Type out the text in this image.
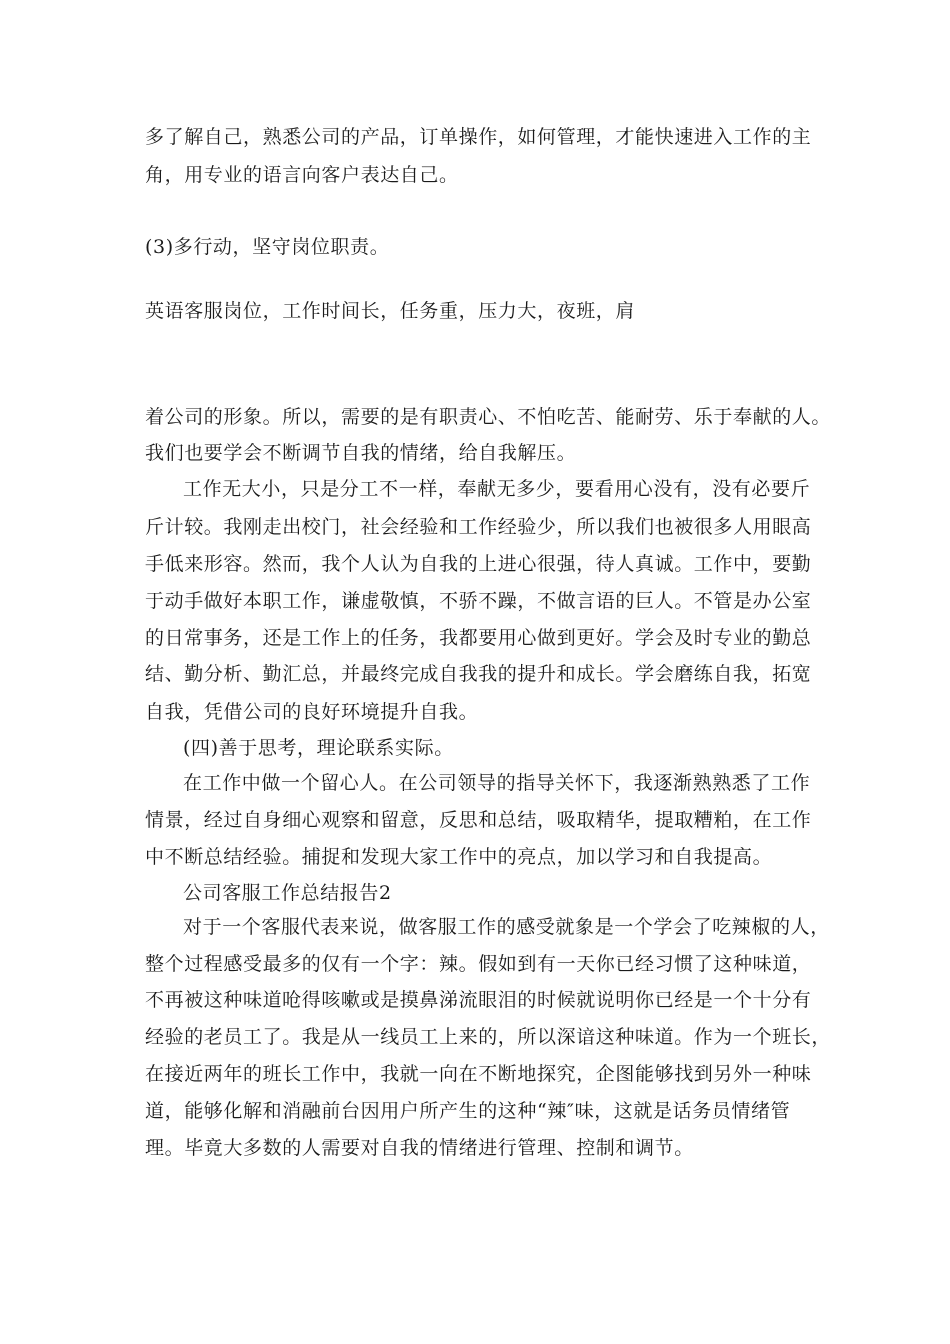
多了解自己，熟悉公司的产品，订单操作，如何管理，才能快速进入工作的主
角，用专业的语言向客户表达自己。
(3)多行动，坚守岗位职责。
英语客服岗位，工作时间长，任务重，压力大，夜班，肩
着公司的形象。所以，需要的是有职责心、不怕吃苦、能耐劳、乐于奉献的人。
我们也要学会不断调节自我的情绪，给自我解压。
工作无大小，只是分工不一样，奉献无多少，要看用心没有，没有必要斤
斤计较。我刚走出校门，社会经验和工作经验少，所以我们也被很多人用眼高
手低来形容。然而，我个人认为自我的上进心很强，待人真诚。工作中，要勤
于动手做好本职工作，谦虚敬慎，不骄不躁，不做言语的巨人。不管是办公室
的日常事务，还是工作上的任务，我都要用心做到更好。学会及时专业的勤总
结、勤分析、勤汇总，并最终完成自我我的提升和成长。学会磨练自我，拓宽
自我，凭借公司的良好环境提升自我。
(四)善于思考，理论联系实际。
在工作中做一个留心人。在公司领导的指导关怀下，我逐渐熟熟悉了工作
情景，经过自身细心观察和留意，反思和总结，吸取精华，提取糟粕，在工作
中不断总结经验。捕捉和发现大家工作中的亮点，加以学习和自我提高。
公司客服工作总结报告2
对于一个客服代表来说，做客服工作的感受就象是一个学会了吃辣椒的人，
整个过程感受最多的仅有一个字：辣。假如到有一天你已经习惯了这种味道，
不再被这种味道呛得咳嗽或是摸鼻涕流眼泪的时候就说明你已经是一个十分有
经验的老员工了。我是从一线员工上来的，所以深谙这种味道。作为一个班长，
在接近两年的班长工作中，我就一向在不断地探究，企图能够找到另外一种味
道，能够化解和消融前台因用户所产生的这种“辣″味，这就是话务员情绪管
理。毕竟大多数的人需要对自我的情绪进行管理、控制和调节。
